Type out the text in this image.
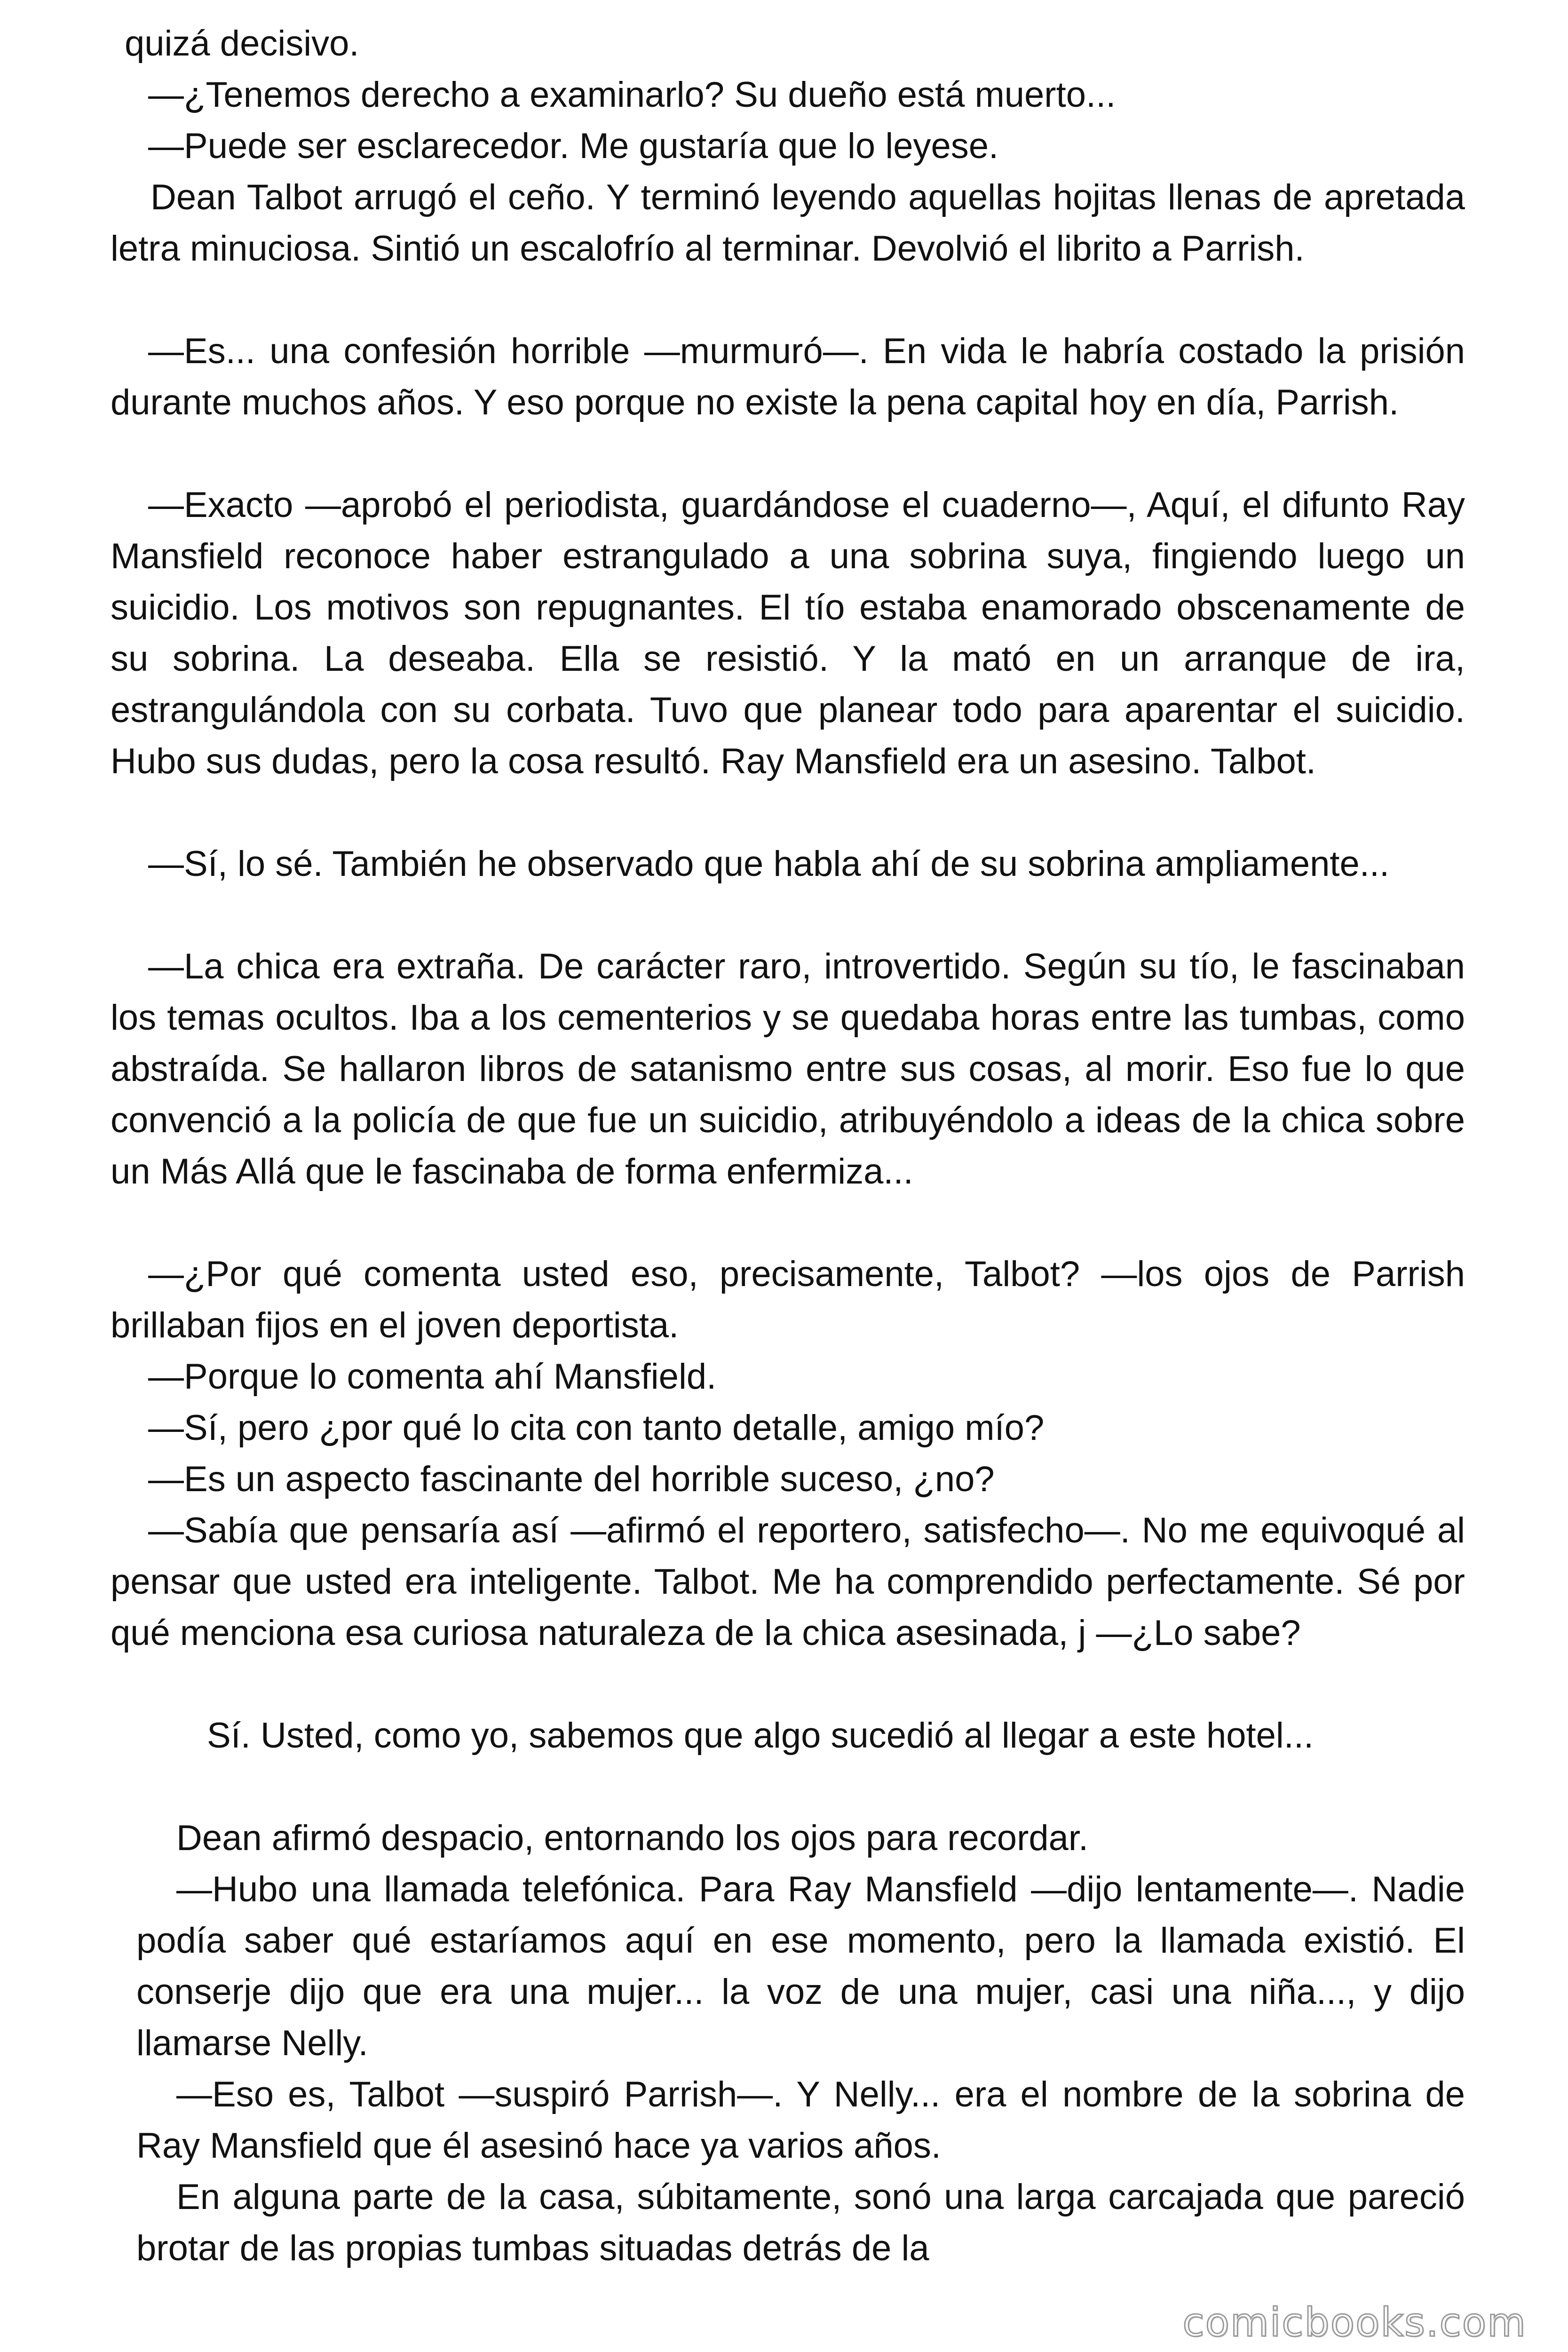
quizá decisivo.

—¿Tenemos derecho a examinarlo? Su dueño está muerto...

—Puede ser esclarecedor. Me gustaría que lo leyese.

Dean Talbot arrugó el ceño. Y terminó leyendo aquellas hojitas llenas de apretada letra minuciosa. Sintió un escalofrío al terminar. Devolvió el librito a Parrish.

—Es... una confesión horrible —murmuró—. En vida le habría costado la prisión durante muchos años. Y eso porque no existe la pena capital hoy en día, Parrish.

—Exacto —aprobó el periodista, guardándose el cuaderno—, Aquí, el difunto Ray Mansfield reconoce haber estrangulado a una sobrina suya, fingiendo luego un suicidio. Los motivos son repugnantes. El tío estaba enamorado obscenamente de su sobrina. La deseaba. Ella se resistió. Y la mató en un arranque de ira, estrangulándola con su corbata. Tuvo que planear todo para aparentar el suicidio. Hubo sus dudas, pero la cosa resultó. Ray Mansfield era un asesino. Talbot.

—Sí, lo sé. También he observado que habla ahí de su sobrina ampliamente...

—La chica era extraña. De carácter raro, introvertido. Según su tío, le fascinaban los temas ocultos. Iba a los cementerios y se quedaba horas entre las tumbas, como abstraída. Se hallaron libros de satanismo entre sus cosas, al morir. Eso fue lo que convenció a la policía de que fue un suicidio, atribuyéndolo a ideas de la chica sobre un Más Allá que le fascinaba de forma enfermiza...

—¿Por qué comenta usted eso, precisamente, Talbot? —los ojos de Parrish brillaban fijos en el joven deportista.

—Porque lo comenta ahí Mansfield.

—Sí, pero ¿por qué lo cita con tanto detalle, amigo mío?

—Es un aspecto fascinante del horrible suceso, ¿no?

—Sabía que pensaría así —afirmó el reportero, satisfecho—. No me equivoqué al pensar que usted era inteligente. Talbot. Me ha comprendido perfectamente. Sé por qué menciona esa curiosa naturaleza de la chica asesinada, j —¿Lo sabe?

Sí. Usted, como yo, sabemos que algo sucedió al llegar a este hotel...

Dean afirmó despacio, entornando los ojos para recordar.

—Hubo una llamada telefónica. Para Ray Mansfield —dijo lentamente—. Nadie podía saber qué estaríamos aquí en ese momento, pero la llamada existió. El conserje dijo que era una mujer... la voz de una mujer, casi una niña..., y dijo llamarse Nelly.

—Eso es, Talbot —suspiró Parrish—. Y Nelly... era el nombre de la sobrina de Ray Mansfield que él asesinó hace ya varios años.

En alguna parte de la casa, súbitamente, sonó una larga carcajada que pareció brotar de las propias tumbas situadas detrás de la

comicbooks.com
